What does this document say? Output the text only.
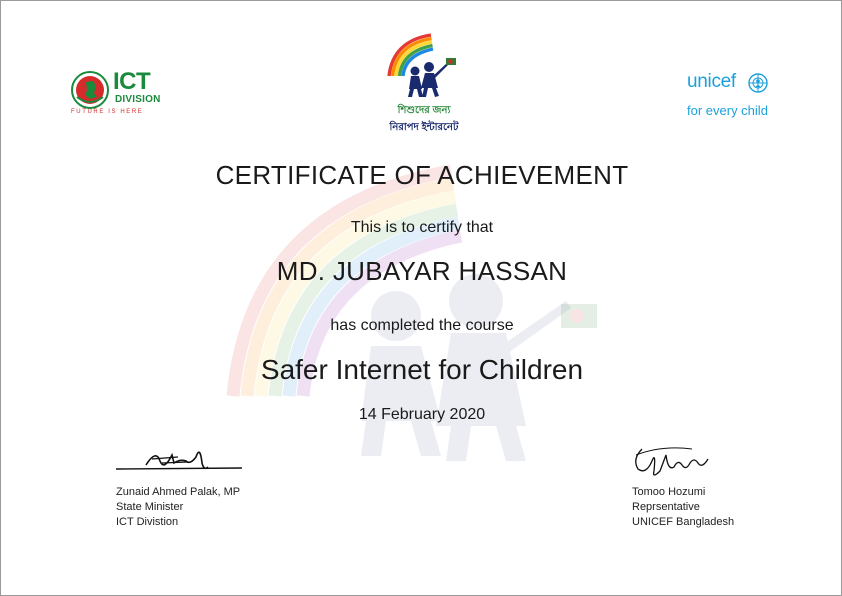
ICT
DIVISION
FUTURE IS HERE	শিশুদের জন্য
নিরাপদ ইন্টারনেট
unicef
for every child
CERTIFICATE OF ACHIEVEMENT
This is to certify that
MD. JUBAYAR HASSAN
has completed the course
Safer Internet for Children
14 February 2020
Zunaid Ahmed Palak, MP
State Minister
ICT Divistion
Tomoo Hozumi
Reprsentative
UNICEF Bangladesh
